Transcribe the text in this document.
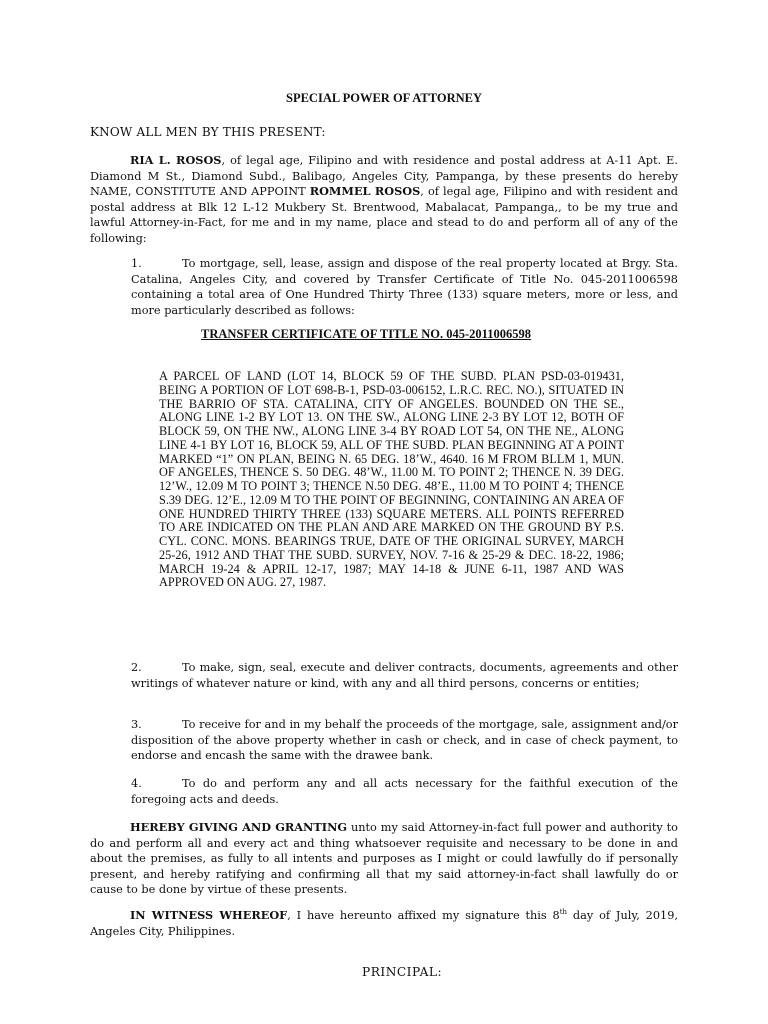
SPECIAL POWER OF ATTORNEY
KNOW ALL MEN BY THIS PRESENT:

RIA L. ROSOS, of legal age, Filipino and with residence and postal address at A-11 Apt. E. Diamond M St., Diamond Subd., Balibago, Angeles City, Pampanga, by these presents do hereby NAME, CONSTITUTE AND APPOINT ROMMEL ROSOS, of legal age, Filipino and with resident and postal address at Blk 12 L-12 Mukbery St. Brentwood, Mabalacat, Pampanga,, to be my true and lawful Attorney-in-Fact, for me and in my name, place and stead to do and perform all of any of the following:

1.	To mortgage, sell, lease, assign and dispose of the real property located at Brgy. Sta. Catalina, Angeles City, and covered by Transfer Certificate of Title No. 045-2011006598 containing a total area of One Hundred Thirty Three (133) square meters, more or less, and more particularly described as follows:

TRANSFER CERTIFICATE OF TITLE NO. 045-2011006598

A PARCEL OF LAND (LOT 14, BLOCK 59 OF THE SUBD. PLAN PSD-03-019431, BEING A PORTION OF LOT 698-B-1, PSD-03-006152, L.R.C. REC. NO.), SITUATED IN THE BARRIO OF STA. CATALINA, CITY OF ANGELES. BOUNDED ON THE SE., ALONG LINE 1-2 BY LOT 13. ON THE SW., ALONG LINE 2-3 BY LOT 12, BOTH OF BLOCK 59, ON THE NW., ALONG LINE 3-4 BY ROAD LOT 54, ON THE NE., ALONG LINE 4-1 BY LOT 16, BLOCK 59, ALL OF THE SUBD. PLAN BEGINNING AT A POINT MARKED “1” ON PLAN, BEING N. 65 DEG. 18’W., 4640. 16 M FROM BLLM 1, MUN. OF ANGELES, THENCE S. 50 DEG. 48’W., 11.00 M. TO POINT 2; THENCE N. 39 DEG. 12’W., 12.09 M TO POINT 3; THENCE N.50 DEG. 48’E., 11.00 M TO POINT 4; THENCE S.39 DEG. 12’E., 12.09 M TO THE POINT OF BEGINNING, CONTAINING AN AREA OF ONE HUNDRED THIRTY THREE (133) SQUARE METERS. ALL POINTS REFERRED TO ARE INDICATED ON THE PLAN AND ARE MARKED ON THE GROUND BY P.S. CYL. CONC. MONS. BEARINGS TRUE, DATE OF THE ORIGINAL SURVEY, MARCH 25-26, 1912 AND THAT THE SUBD. SURVEY, NOV. 7-16 & 25-29 & DEC. 18-22, 1986; MARCH 19-24 & APRIL 12-17, 1987; MAY 14-18 & JUNE 6-11, 1987 AND WAS APPROVED ON AUG. 27, 1987.

2.	To make, sign, seal, execute and deliver contracts, documents, agreements and other writings of whatever nature or kind, with any and all third persons, concerns or entities;

3.	To receive for and in my behalf the proceeds of the mortgage, sale, assignment and/or disposition of the above property whether in cash or check, and in case of check payment, to endorse and encash the same with the drawee bank.

4.	To do and perform any and all acts necessary for the faithful execution of the foregoing acts and deeds.

HEREBY GIVING AND GRANTING unto my said Attorney-in-fact full power and authority to do and perform all and every act and thing whatsoever requisite and necessary to be done in and about the premises, as fully to all intents and purposes as I might or could lawfully do if personally present, and hereby ratifying and confirming all that my said attorney-in-fact shall lawfully do or cause to be done by virtue of these presents.

IN WITNESS WHEREOF, I have hereunto affixed my signature this 8th day of July, 2019, Angeles City, Philippines.

PRINCIPAL:
